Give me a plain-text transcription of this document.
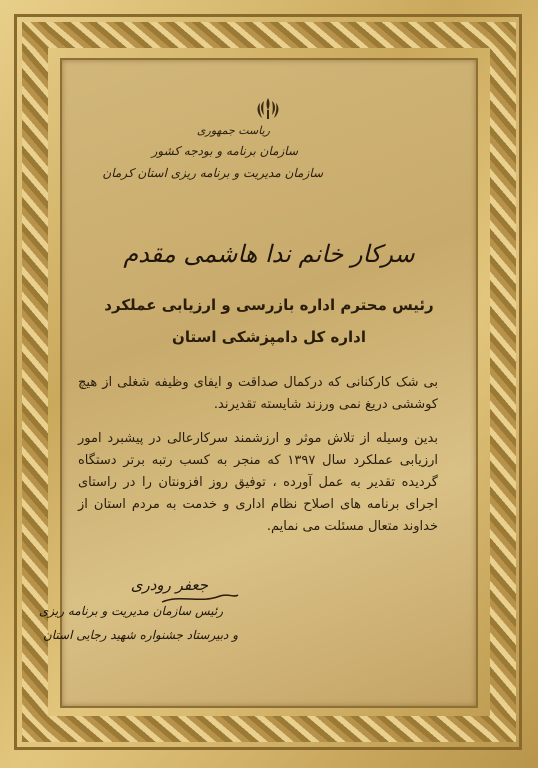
ریاست جمهوری
سازمان برنامه و بودجه کشور
سازمان مدیریت و برنامه ریزی استان کرمان
سرکار خانم ندا هاشمی مقدم
رئیس محترم اداره بازرسی و ارزیابی عملکرد
اداره کل دامپزشکی استان
بی شک کارکنانی که درکمال صداقت و ایفای وظیفه شغلی از هیچ کوششی دریغ نمی ورزند شایسته تقدیرند.
بدین وسیله از تلاش موثر و ارزشمند سرکارعالی در پیشبرد امور ارزیابی عملکرد سال ۱۳۹۷ که منجر به کسب رتبه برتر دستگاه گردیده تقدیر به عمل آورده ، توفیق روز افزونتان را در راستای اجرای برنامه های اصلاح نظام اداری و خدمت به مردم استان از خداوند متعال مسئلت می نمایم.
جعفر رودری
رئیس سازمان مدیریت و برنامه ریزی
و دبیرستاد جشنواره شهید رجایی استان
